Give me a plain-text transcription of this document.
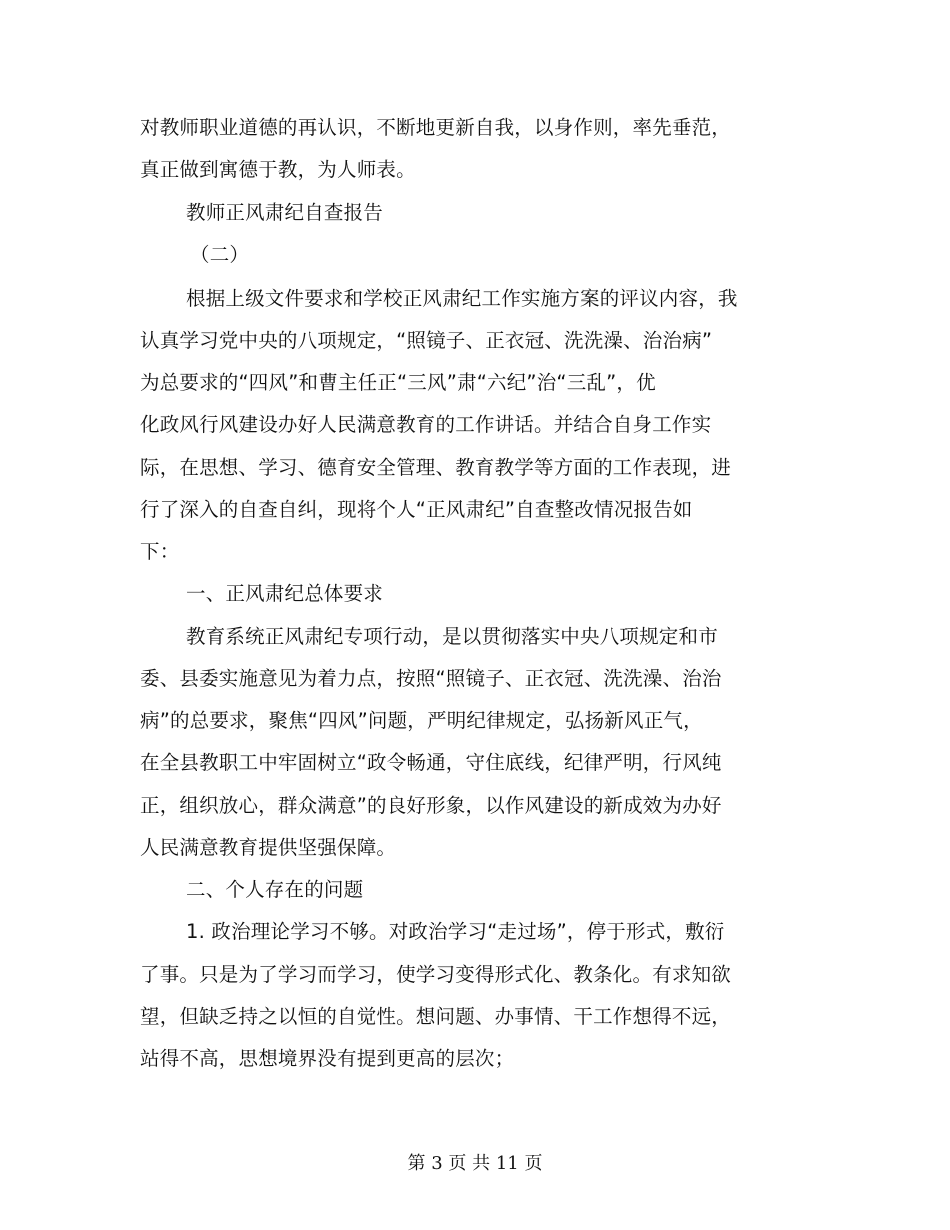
对教师职业道德的再认识，不断地更新自我，以身作则，率先垂范，
真正做到寓德于教，为人师表。
教师正风肃纪自查报告
（二）
根据上级文件要求和学校正风肃纪工作实施方案的评议内容，我
认真学习党中央的八项规定，“照镜子、正衣冠、洗洗澡、治治病”
为总要求的“四风”和曹主任正“三风”肃“六纪”治“三乱”，优
化政风行风建设办好人民满意教育的工作讲话。并结合自身工作实
际，在思想、学习、德育安全管理、教育教学等方面的工作表现，进
行了深入的自查自纠，现将个人“正风肃纪”自查整改情况报告如
下：
一、正风肃纪总体要求
教育系统正风肃纪专项行动，是以贯彻落实中央八项规定和市
委、县委实施意见为着力点，按照“照镜子、正衣冠、洗洗澡、治治
病”的总要求，聚焦“四风”问题，严明纪律规定，弘扬新风正气，
在全县教职工中牢固树立“政令畅通，守住底线，纪律严明，行风纯
正，组织放心，群众满意”的良好形象，以作风建设的新成效为办好
人民满意教育提供坚强保障。
二、个人存在的问题
1. 政治理论学习不够。对政治学习“走过场”，停于形式，敷衍
了事。只是为了学习而学习，使学习变得形式化、教条化。有求知欲
望，但缺乏持之以恒的自觉性。想问题、办事情、干工作想得不远，
站得不高，思想境界没有提到更高的层次；
第 3 页 共 11 页
